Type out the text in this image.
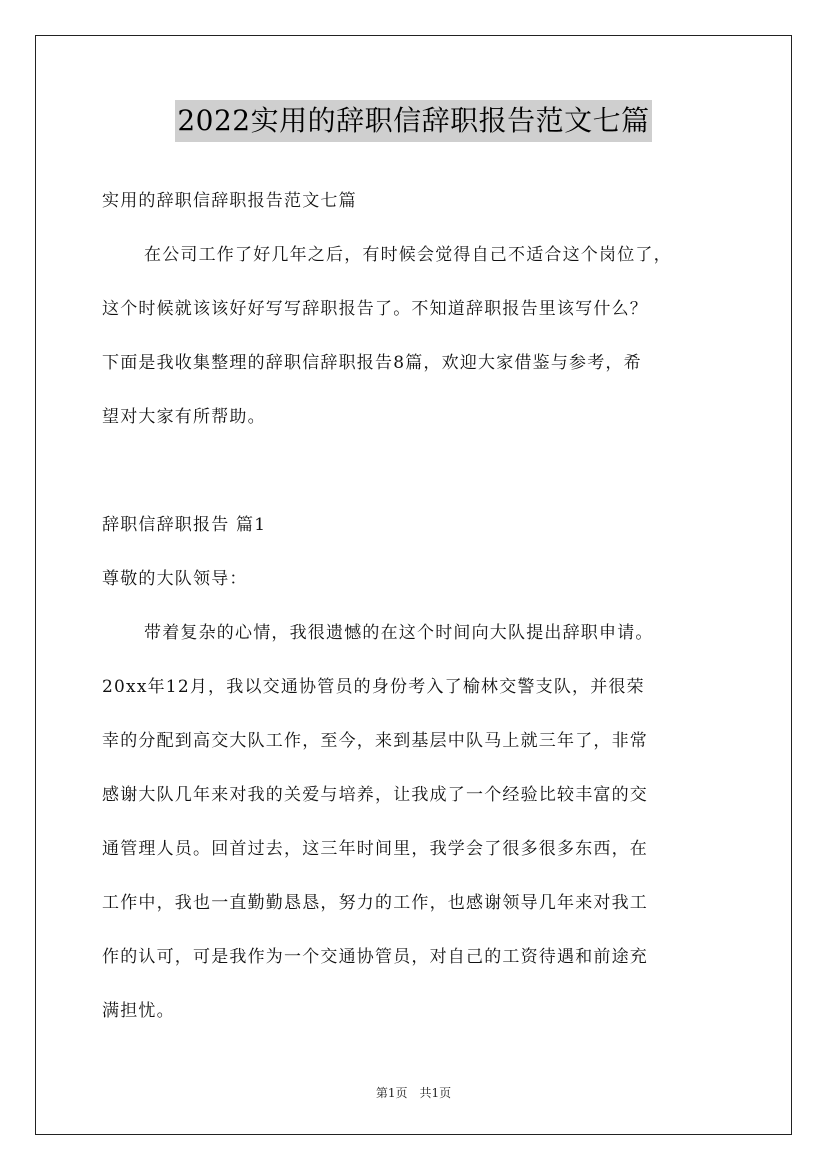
2022实用的辞职信辞职报告范文七篇
实用的辞职信辞职报告范文七篇
在公司工作了好几年之后，有时候会觉得自己不适合这个岗位了，
这个时候就该该好好写写辞职报告了。不知道辞职报告里该写什么？
下面是我收集整理的辞职信辞职报告8篇，欢迎大家借鉴与参考，希
望对大家有所帮助。
辞职信辞职报告 篇1
尊敬的大队领导：
带着复杂的心情，我很遗憾的在这个时间向大队提出辞职申请。
20xx年12月，我以交通协管员的身份考入了榆林交警支队，并很荣
幸的分配到高交大队工作，至今，来到基层中队马上就三年了，非常
感谢大队几年来对我的关爱与培养，让我成了一个经验比较丰富的交
通管理人员。回首过去，这三年时间里，我学会了很多很多东西，在
工作中，我也一直勤勤恳恳，努力的工作，也感谢领导几年来对我工
作的认可，可是我作为一个交通协管员，对自己的工资待遇和前途充
满担忧。
第1页　共1页
